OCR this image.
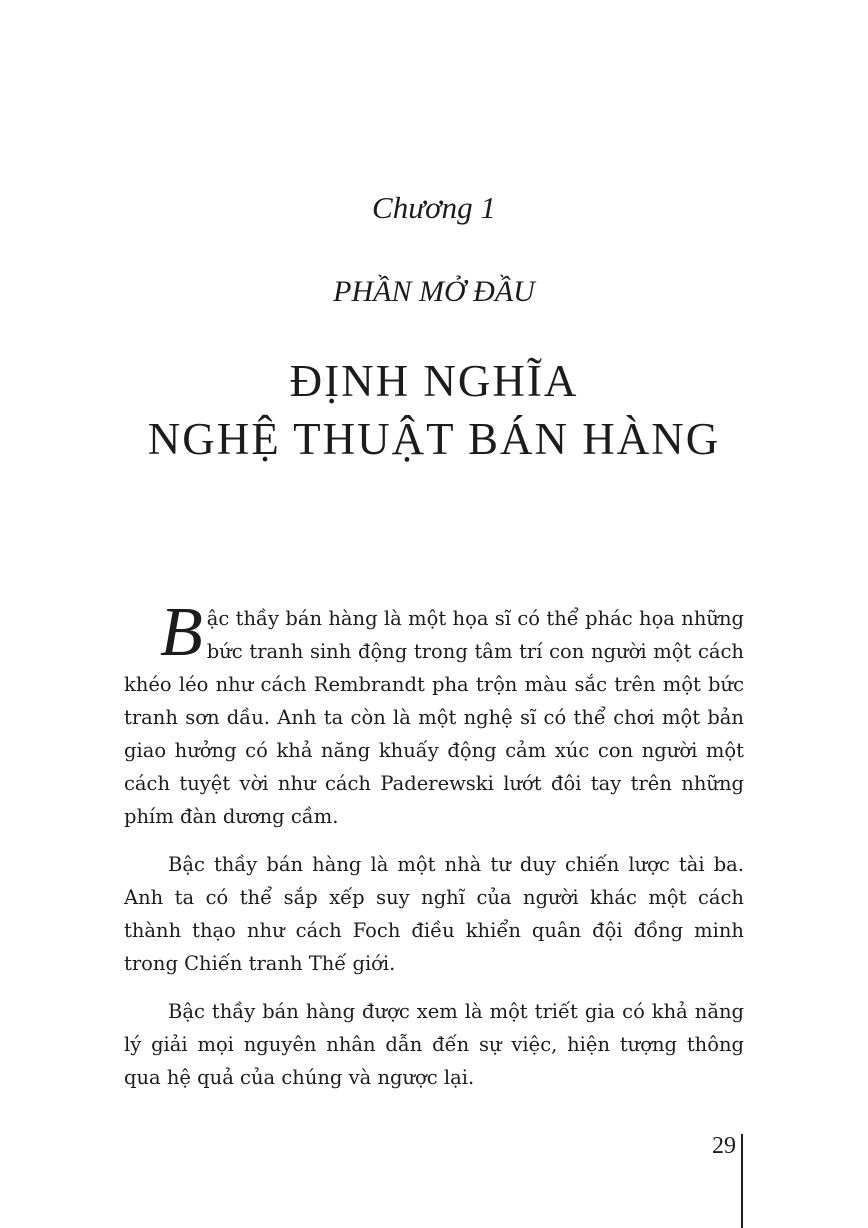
Chương 1
PHẦN MỞ ĐẦU
ĐỊNH NGHĨA
NGHỆ THUẬT BÁN HÀNG

Bậc thầy bán hàng là một họa sĩ có thể phác họa những bức tranh sinh động trong tâm trí con người một cách khéo léo như cách Rembrandt pha trộn màu sắc trên một bức tranh sơn dầu. Anh ta còn là một nghệ sĩ có thể chơi một bản giao hưởng có khả năng khuấy động cảm xúc con người một cách tuyệt vời như cách Paderewski lướt đôi tay trên những phím đàn dương cầm.

Bậc thầy bán hàng là một nhà tư duy chiến lược tài ba. Anh ta có thể sắp xếp suy nghĩ của người khác một cách thành thạo như cách Foch điều khiển quân đội đồng minh trong Chiến tranh Thế giới.

Bậc thầy bán hàng được xem là một triết gia có khả năng lý giải mọi nguyên nhân dẫn đến sự việc, hiện tượng thông qua hệ quả của chúng và ngược lại.

29
